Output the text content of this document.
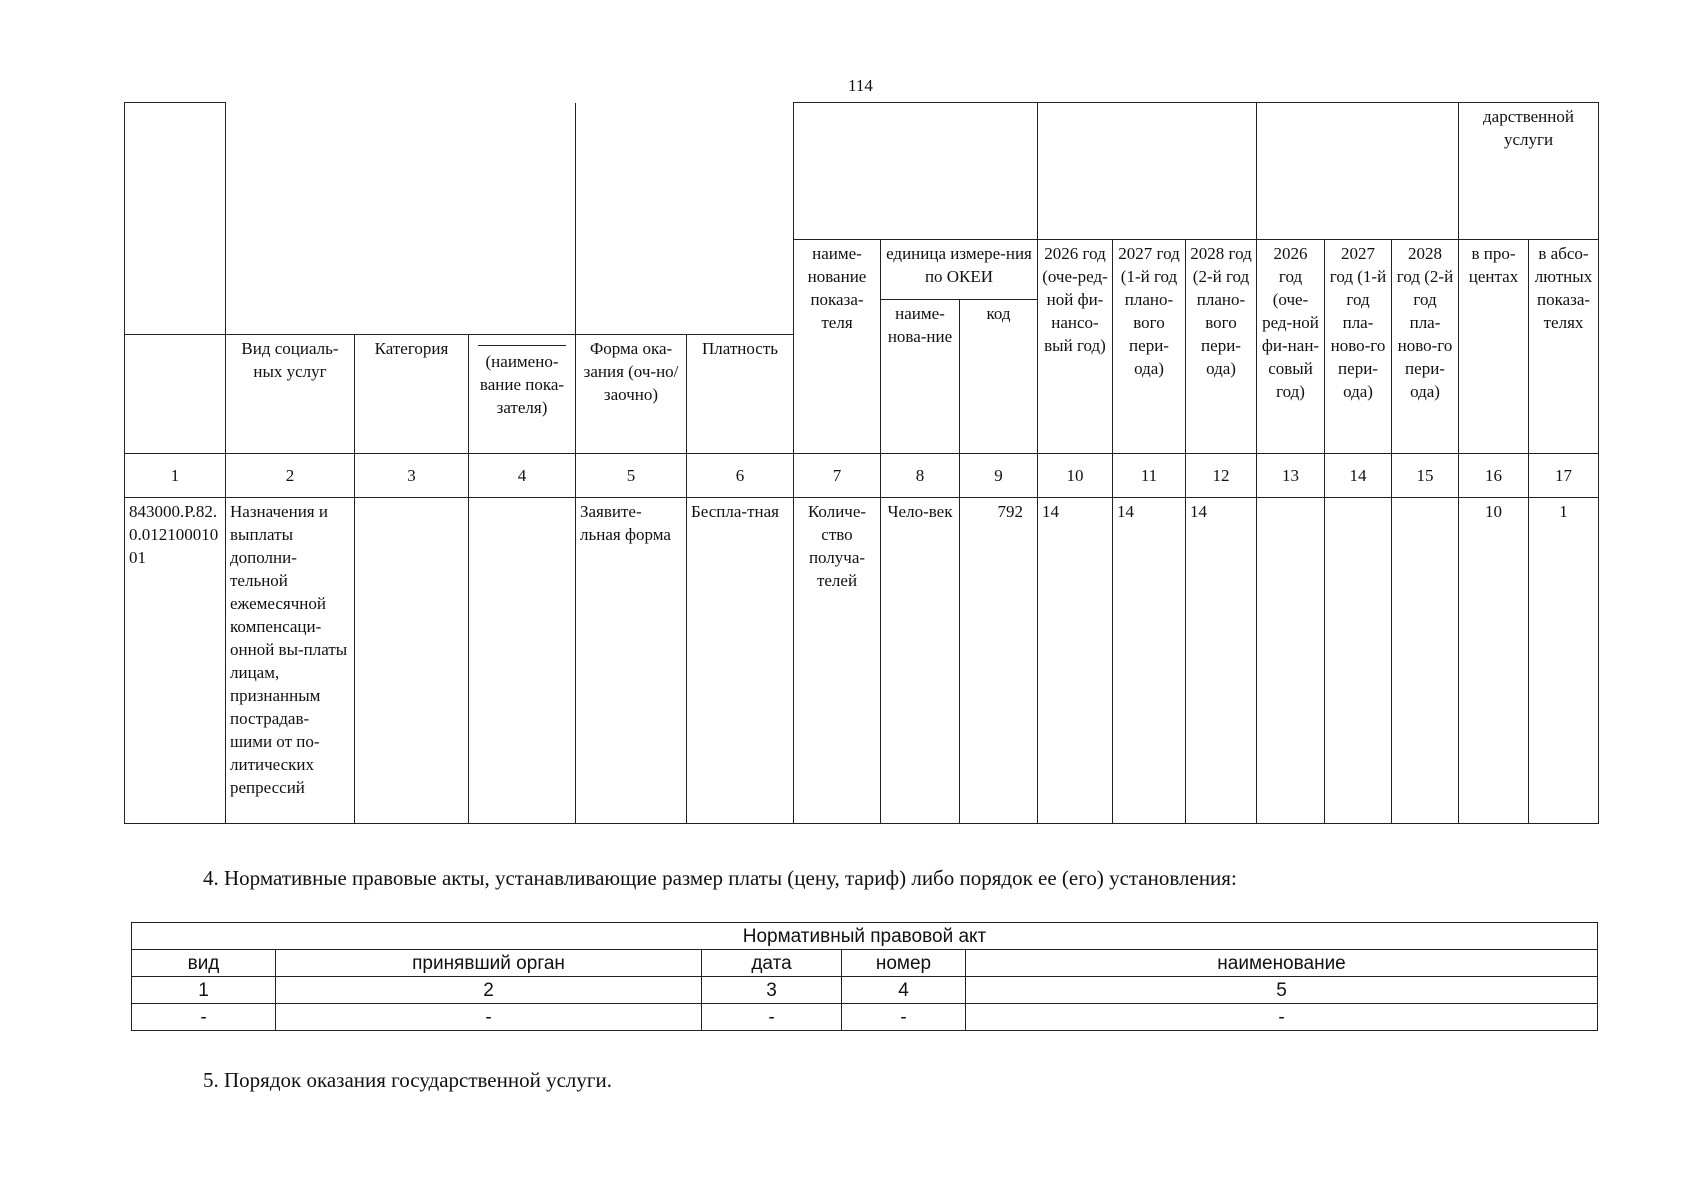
114
															дарственной услуги	
						наиме-нование показа-теля	единица измере-ния по ОКЕИ		2026 год (оче-ред-ной фи-нансо-вый год)	2027 год (1-й год плано-вого пери-ода)	2028 год (2-й год плано-вого пери-ода)	2026 год (оче-ред-ной фи-нан-совый год)	2027 год (1-й год пла-ново-го пери-ода)	2028 год (2-й год пла-ново-го пери-ода)	в про-центах	в абсо-лютных показа-телях
							наиме-нова-ние	код								
	Вид социаль-ных услуг	Категория	(наимено-вание пока-зателя)	Форма ока-зания (оч-но/заочно)	Платность											
1	2	3	4	5	6	7	8	9	10	11	12	13	14	15	16	17
843000.Р.82.0.01210001001	Назначения и выплаты дополни-тельной ежемесячной компенсаци-онной вы-платы лицам, признанным пострадав-шими от по-литических репрессий			Заявите-льная форма	Беспла-тная	Количе-ство получа-телей	Чело-век	792	14	14	14				10	1
4. Нормативные правовые акты, устанавливающие размер платы (цену, тариф) либо порядок ее (его) установления:
Нормативный правовой акт				
вид	принявший орган	дата	номер	наименование
1	2	3	4	5
-	-	-	-	-
5. Порядок оказания государственной услуги.
